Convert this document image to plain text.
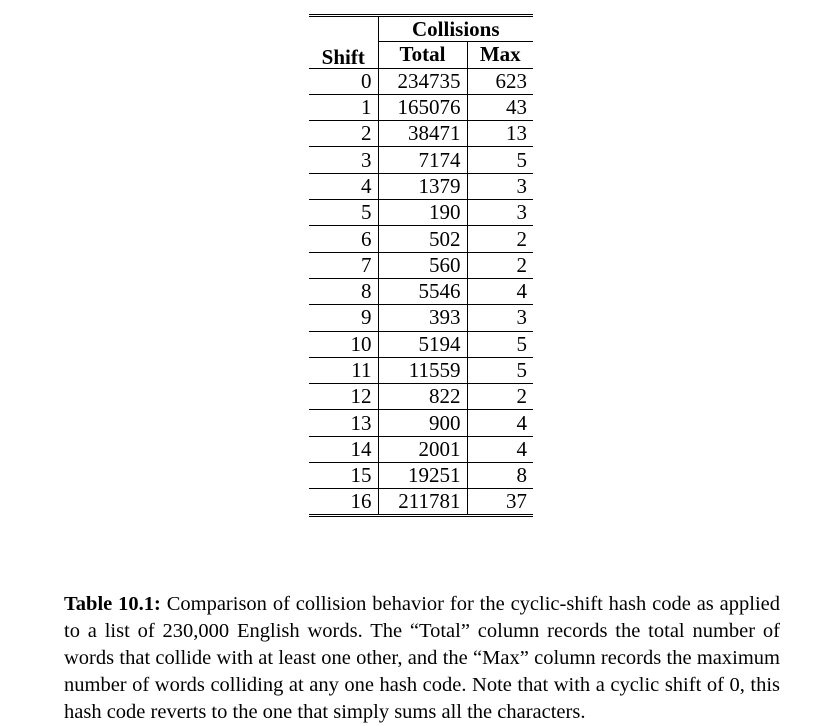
Shift	Collisions	
	Total	Max
0	234735	623
1	165076	43
2	38471	13
3	7174	5
4	1379	3
5	190	3
6	502	2
7	560	2
8	5546	4
9	393	3
10	5194	5
11	11559	5
12	822	2
13	900	4
14	2001	4
15	19251	8
16	211781	37

Table 10.1: Comparison of collision behavior for the cyclic-shift hash code as applied to a list of 230,000 English words. The “Total” column records the total number of words that collide with at least one other, and the “Max” column records the maximum number of words colliding at any one hash code. Note that with a cyclic shift of 0, this hash code reverts to the one that simply sums all the characters.
